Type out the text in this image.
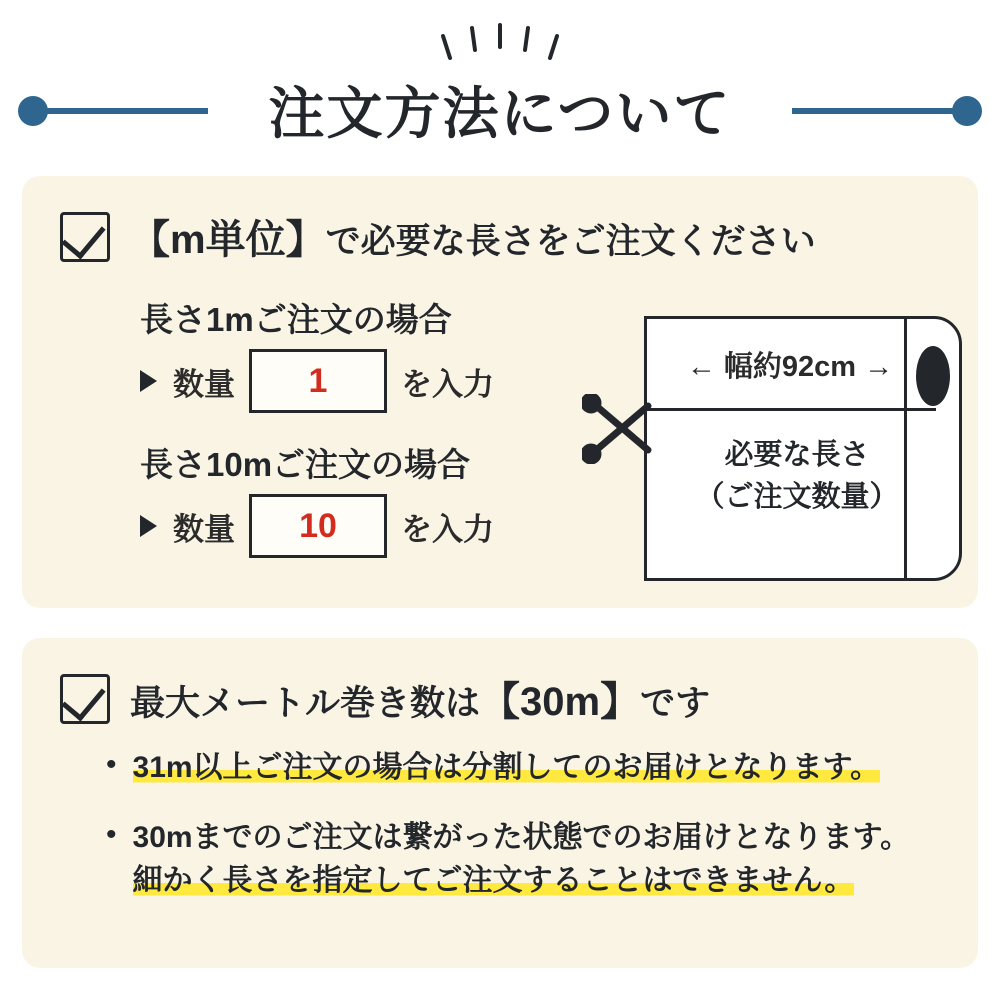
注文方法について
【m単位】で必要な長さをご注文ください
長さ1mご注文の場合
数量	1	を入力
長さ10mご注文の場合
数量	10	を入力
← 幅約92cm →
必要な長さ
（ご注文数量）
最大メートル巻き数は【30m】です
• 31m以上ご注文の場合は分割してのお届けとなります。
• 30mまでのご注文は繋がった状態でのお届けとなります。
細かく長さを指定してご注文することはできません。
